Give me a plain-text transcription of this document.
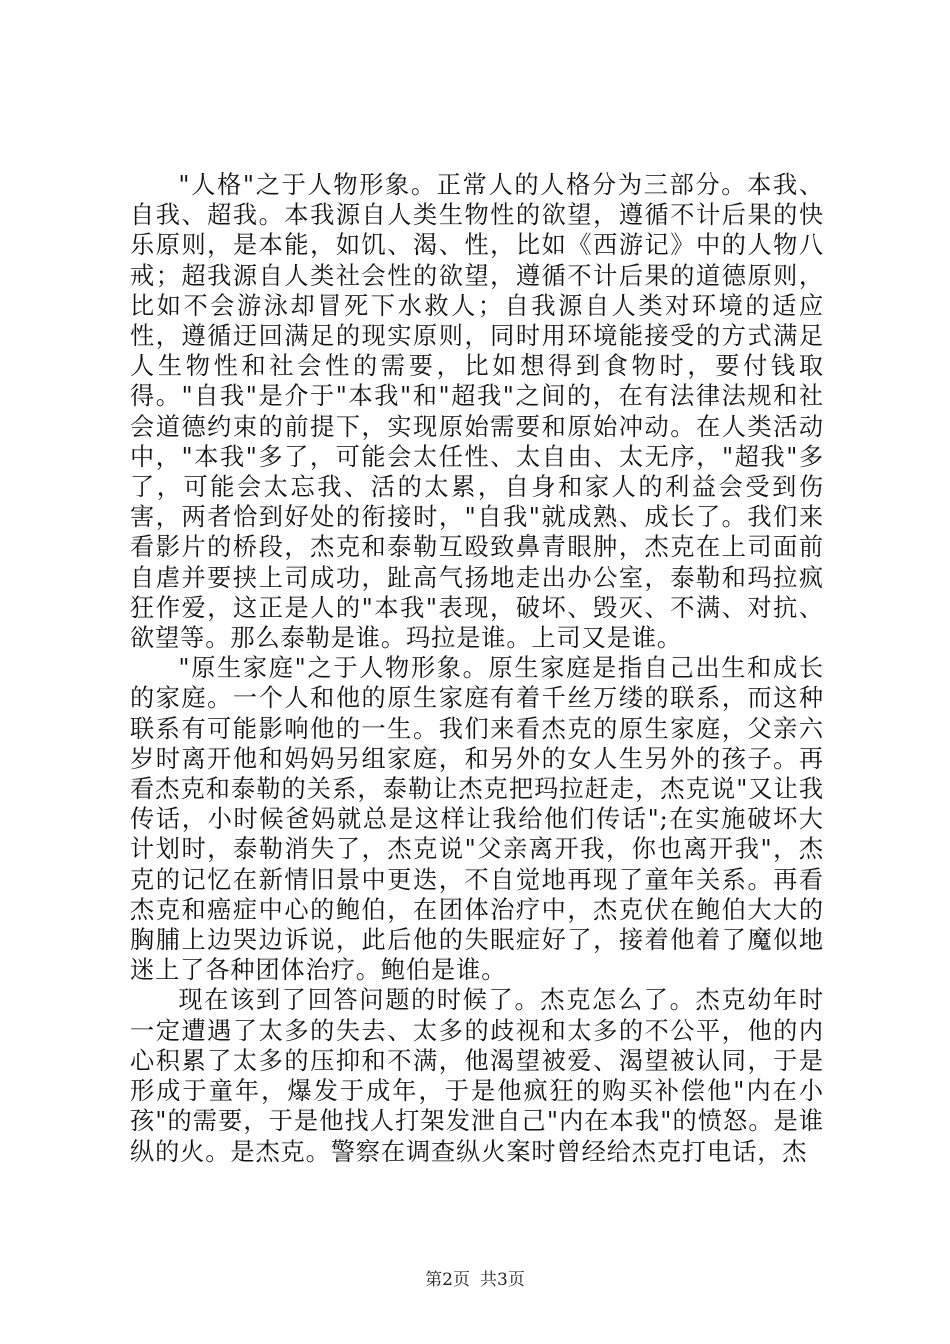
"人格"之于人物形象。正常人的人格分为三部分。本我、自我、超我。本我源自人类生物性的欲望，遵循不计后果的快乐原则，是本能，如饥、渴、性，比如《西游记》中的人物八戒；超我源自人类社会性的欲望，遵循不计后果的道德原则，比如不会游泳却冒死下水救人；自我源自人类对环境的适应性，遵循迂回满足的现实原则，同时用环境能接受的方式满足人生物性和社会性的需要，比如想得到食物时，要付钱取得。"自我"是介于"本我"和"超我"之间的，在有法律法规和社会道德约束的前提下，实现原始需要和原始冲动。在人类活动中，"本我"多了，可能会太任性、太自由、太无序，"超我"多了，可能会太忘我、活的太累，自身和家人的利益会受到伤害，两者恰到好处的衔接时，"自我"就成熟、成长了。我们来看影片的桥段，杰克和泰勒互殴致鼻青眼肿，杰克在上司面前自虐并要挟上司成功，趾高气扬地走出办公室，泰勒和玛拉疯狂作爱，这正是人的"本我"表现，破坏、毁灭、不满、对抗、欲望等。那么泰勒是谁。玛拉是谁。上司又是谁。

"原生家庭"之于人物形象。原生家庭是指自己出生和成长的家庭。一个人和他的原生家庭有着千丝万缕的联系，而这种联系有可能影响他的一生。我们来看杰克的原生家庭，父亲六岁时离开他和妈妈另组家庭，和另外的女人生另外的孩子。再看杰克和泰勒的关系，泰勒让杰克把玛拉赶走，杰克说"又让我传话，小时候爸妈就总是这样让我给他们传话";在实施破坏大计划时，泰勒消失了，杰克说"父亲离开我，你也离开我"，杰克的记忆在新情旧景中更迭，不自觉地再现了童年关系。再看杰克和癌症中心的鲍伯，在团体治疗中，杰克伏在鲍伯大大的胸脯上边哭边诉说，此后他的失眠症好了，接着他着了魔似地迷上了各种团体治疗。鲍伯是谁。

现在该到了回答问题的时候了。杰克怎么了。杰克幼年时一定遭遇了太多的失去、太多的歧视和太多的不公平，他的内心积累了太多的压抑和不满，他渴望被爱、渴望被认同，于是形成于童年，爆发于成年，于是他疯狂的购买补偿他"内在小孩"的需要，于是他找人打架发泄自己"内在本我"的愤怒。是谁纵的火。是杰克。警察在调查纵火案时曾经给杰克打电话，杰

第2页 共3页
